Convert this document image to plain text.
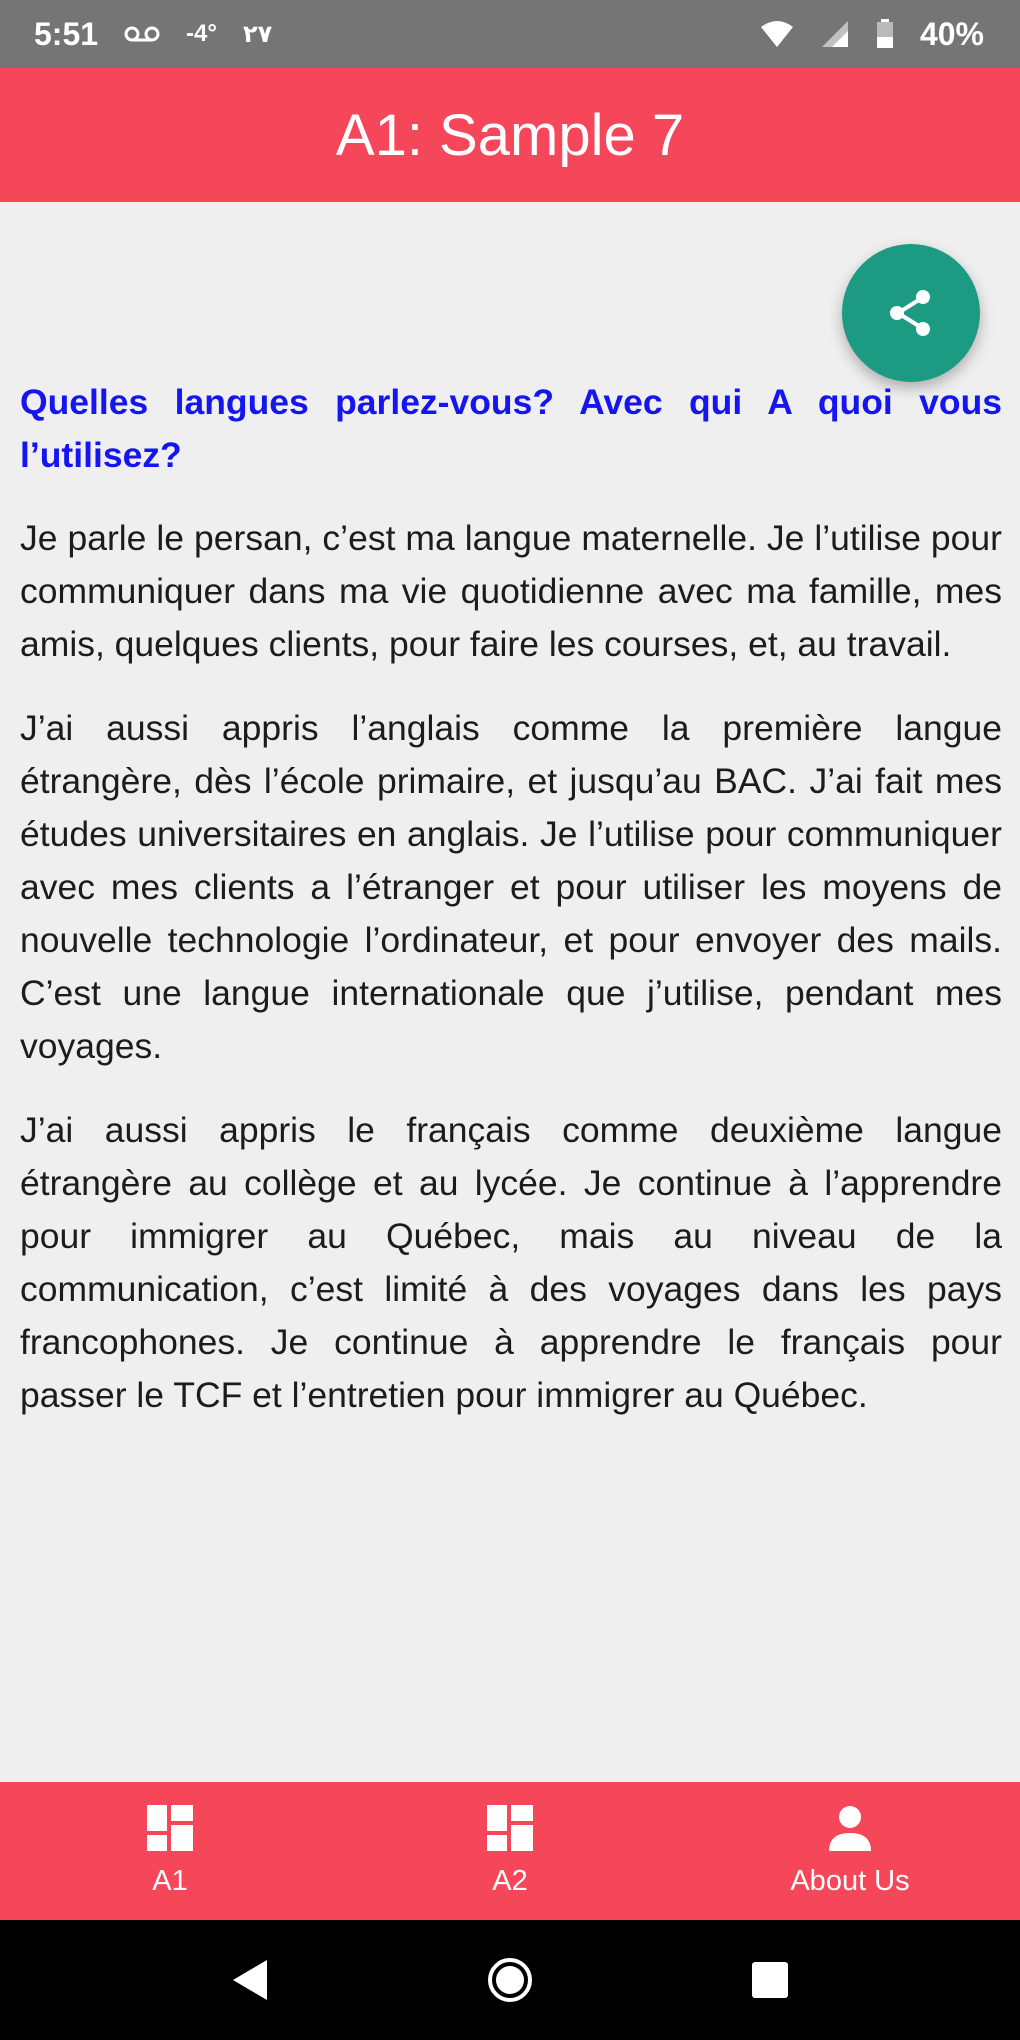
5:51	-4° ٢٧	40%
A1: Sample 7

Quelles langues parlez-vous? Avec qui A quoi vous l’utilisez?

Je parle le persan, c’est ma langue maternelle. Je l’utilise pour communiquer dans ma vie quotidienne avec ma famille, mes amis, quelques clients, pour faire les courses, et, au travail.

J’ai aussi appris l’anglais comme la première langue étrangère, dès l’école primaire, et jusqu’au BAC. J’ai fait mes études universitaires en anglais. Je l’utilise pour communiquer avec mes clients a l’étranger et pour utiliser les moyens de nouvelle technologie l’ordinateur, et pour envoyer des mails. C’est une langue internationale que j’utilise, pendant mes voyages.

J’ai aussi appris le français comme deuxième langue étrangère au collège et au lycée. Je continue à l’apprendre pour immigrer au Québec, mais au niveau de la communication, c’est limité à des voyages dans les pays francophones. Je continue à apprendre le français pour passer le TCF et l’entretien pour immigrer au Québec.

A1	A2	About Us
